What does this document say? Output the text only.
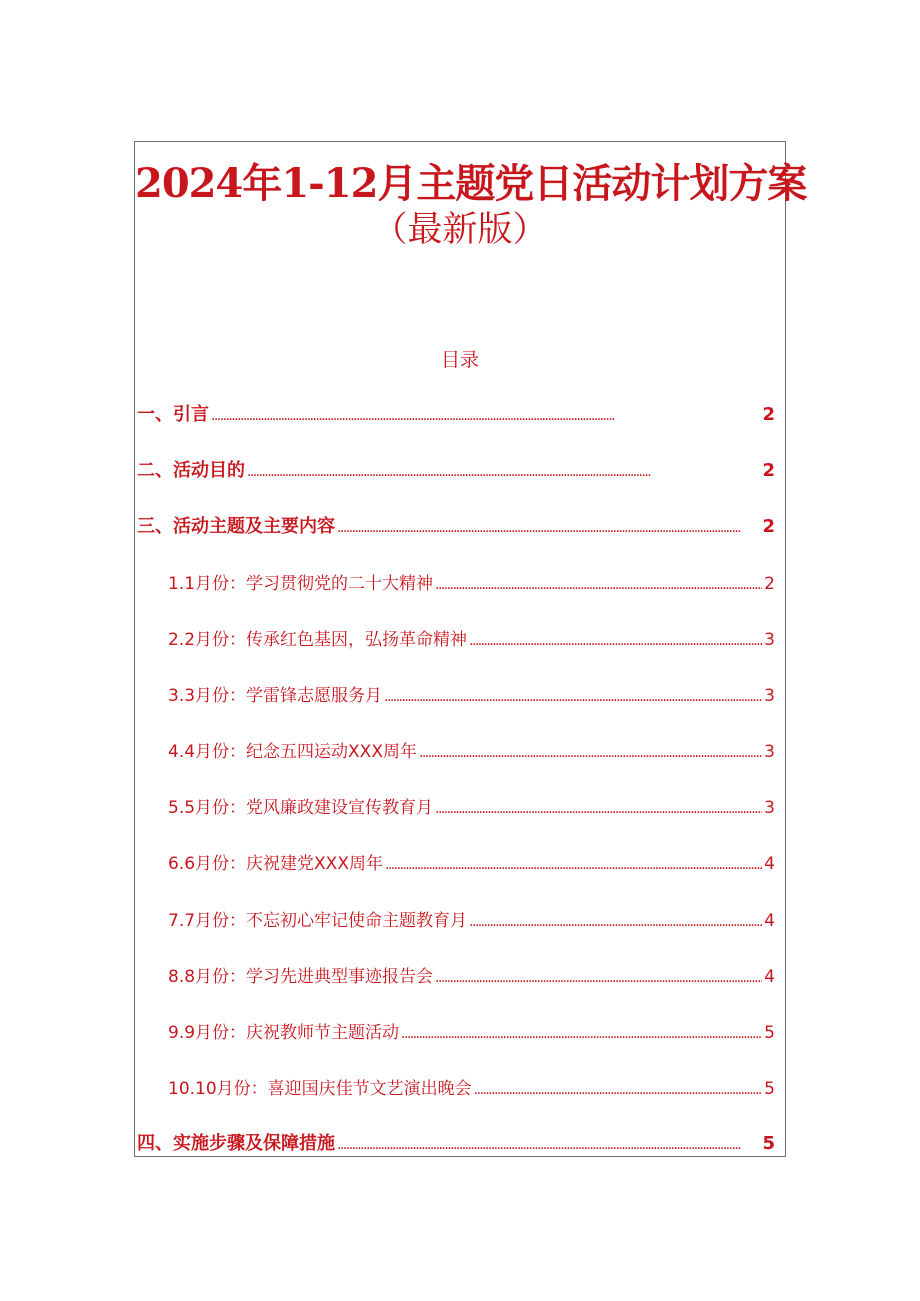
2024年1-12月主题党日活动计划方案
（最新版）
目录
一、引言 . . .	2
二、活动目的 . . .	2
三、活动主题及主要内容 . . .	2
1.1月份：学习贯彻党的二十大精神 . . .	2
2.2月份：传承红色基因，弘扬革命精神 . . .	3
3.3月份：学雷锋志愿服务月 . . .	3
4.4月份：纪念五四运动XXX周年 . . .	3
5.5月份：党风廉政建设宣传教育月 . . .	3
6.6月份：庆祝建党XXX周年 . . .	4
7.7月份：不忘初心牢记使命主题教育月 . . .	4
8.8月份：学习先进典型事迹报告会 . . .	4
9.9月份：庆祝教师节主题活动 . . .	5
10.10月份：喜迎国庆佳节文艺演出晚会 . . .	5
四、实施步骤及保障措施 . . .	5
